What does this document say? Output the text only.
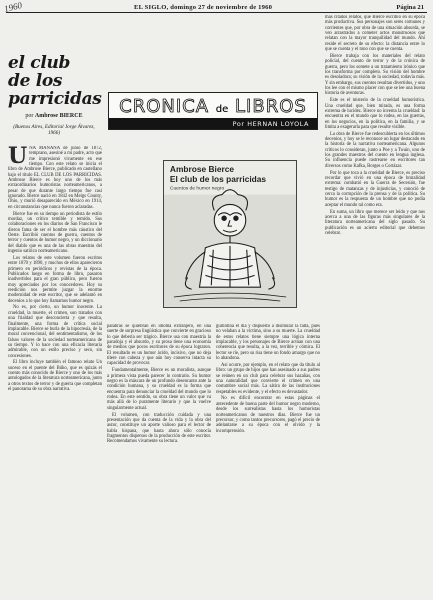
1960	EL SIGLO, domingo 27 de noviembre de 1960	Página 21
el club
de los
parricidas
por Ambrose BIERCE
(Buenos Aires, Editorial Jorge Álvarez, 1966)
CRONICA de LIBROS
Por HERNAN LOYOLA
Ambrose Bierce
El club de los parricidas
Cuentos de humor negro

UNA MAÑANA de junio de 1872, temprano, asesiné a mi padre, acto que me impresionó vivamente en ese tiempo. Con este relato se inicia el libro de Ambrose Bierce, publicado en castellano bajo el título EL CLUB DE LOS PARRICIDAS. Ambrose Bierce es hoy uno de los más extraordinarios humoristas norteamericanos, a pesar de que durante largo tiempo fue casi ignorado. Bierce nació en 1842 en Meigs County, Ohio, y murió desaparecido en México en 1914, en circunstancias que nunca fueron aclaradas.

Bierce fue en su tiempo un periodista de estilo mordaz, un crítico temible y temido. Sus colaboraciones en los diarios de San Francisco le dieron fama de ser el hombre más cáustico del Oeste. Escribió cuentos de guerra, cuentos de terror y cuentos de humor negro, y un diccionario del diablo que es una de las obras maestras del ingenio satírico norteamericano.

Los relatos de este volumen fueron escritos entre 1870 y 1890, y muchos de ellos aparecieron primero en periódicos y revistas de la época. Publicados luego en forma de libro, pasaron inadvertidos para el gran público, pero fueron muy apreciados por los conocedores. Hoy su reedición nos permite juzgar la enorme modernidad de este escritor, que se adelantó en decenios a lo que hoy llamamos humor negro.

No es, por cierto, un humor inocente. La crueldad, la muerte, el crimen, son tratados con una frialdad que desconcierta y que resulta, finalmente, una forma de crítica social implacable. Bierce se burla de la hipocresía, de la moral convencional, del sentimentalismo, de los falsos valores de la sociedad norteamericana de su tiempo. Y lo hace con una eficacia literaria admirable, con un estilo preciso y seco, sin concesiones.

El libro incluye también el famoso relato Un suceso en el puente del Búho, que es quizás el cuento más conocido de Bierce y uno de los más antologados de la literatura norteamericana, junto a otros textos de terror y de guerra que completan el panorama de su obra narrativa.

palabras se quiebran en idioma extranjero, en una suerte de sorpresa lingüística que convierte en gracioso lo que debería ser trágico. Bierce usa con maestría la paradoja y el absurdo, y su prosa tiene una economía de medios que pocos escritores de su época lograron. El resultado es un humor ácido, incisivo, que no deja títere con cabeza y que aún hoy conserva intacta su capacidad de provocar.

Fundamentalmente, Bierce es un moralista, aunque a primera vista pueda parecer lo contrario. Su humor negro es la máscara de un profundo desencanto ante la condición humana, y su crueldad es la forma que encuentra para denunciar la crueldad del mundo que lo rodea. En este sentido, su obra tiene un valor que va más allá de lo puramente literario y que la vuelve singularmente actual.

El volumen, con traducción cuidada y una presentación que da cuenta de la vida y la obra del autor, constituye un aporte valioso para el lector de habla hispana, que hasta ahora sólo conocía fragmentos dispersos de la producción de este escritor. Recomendamos vivamente su lectura.

guillotina el día y dispuesto a disimular la falta, pues no velaban a la víctima, sino a su muerte. La crueldad de estos relatos tiene siempre una lógica interna implacable, y los personajes de Bierce actúan con una coherencia que resulta, a la vez, terrible y cómica. El lector se ríe, pero su risa tiene un fondo amargo que no lo abandona.

Así ocurre, por ejemplo, en el relato que da título al libro: un grupo de hijos que han asesinado a sus padres se reúnen en un club para celebrar sus hazañas, con una naturalidad que convierte el crimen en una costumbre social más. La sátira de las instituciones respetables es evidente, y el efecto es devastador.

No es difícil encontrar en estas páginas el antecedente de buena parte del humor negro moderno, desde los surrealistas hasta los humoristas norteamericanos de nuestros días. Bierce fue un precursor, y como tantos precursores, pagó el precio de adelantarse a su época con el olvido y la incomprensión.

más citados relatos, que Bierce escribió en su época más productiva. Sus personajes son seres comunes y corrientes que, por obra de una situación absurda, se ven arrastrados a cometer actos monstruosos que relatan con la mayor tranquilidad del mundo. Ahí reside el secreto de su efecto: la distancia entre lo que se cuenta y el tono con que se cuenta.

Bierce trabaja con los materiales del relato policial, del cuento de terror y de la crónica de guerra, pero los somete a un tratamiento irónico que los transforma por completo. Su visión del hombre es desoladora; su visión de la sociedad, todavía más. Y sin embargo, sus cuentos resultan divertidos, y uno los lee con el mismo placer con que se lee una buena historia de aventuras.

Este es el misterio de la crueldad humorística. Una crueldad que, bien mirada, es una forma extrema de lucidez. Bierce no inventa la crueldad: la encuentra en el mundo que lo rodea, en las guerras, en los negocios, en la política, en la familia, y se limita a exagerarla para que resulte visible.

La obra de Bierce fue redescubierta en los últimos decenios, y hoy se le reconoce un lugar destacado en la historia de la narrativa norteamericana. Algunos críticos lo consideran, junto a Poe y a Twain, uno de los grandes maestros del cuento en lengua inglesa. Su influencia puede rastrearse en escritores tan diversos como Kafka, Borges o Cortázar.

Por lo que toca a la crueldad de Bierce, es preciso recordar que vivió en una época de brutalidad extrema: combatió en la Guerra de Secesión, fue testigo de matanzas y de injusticias, y conoció de cerca la corrupción de la prensa y de la política. Su humor es la respuesta de un hombre que no podía aceptar el mundo tal como era.

En suma, un libro que merece ser leído y que nos acerca a una de las figuras más singulares de la literatura norteamericana del siglo pasado. Su publicación es un acierto editorial que debemos celebrar.
